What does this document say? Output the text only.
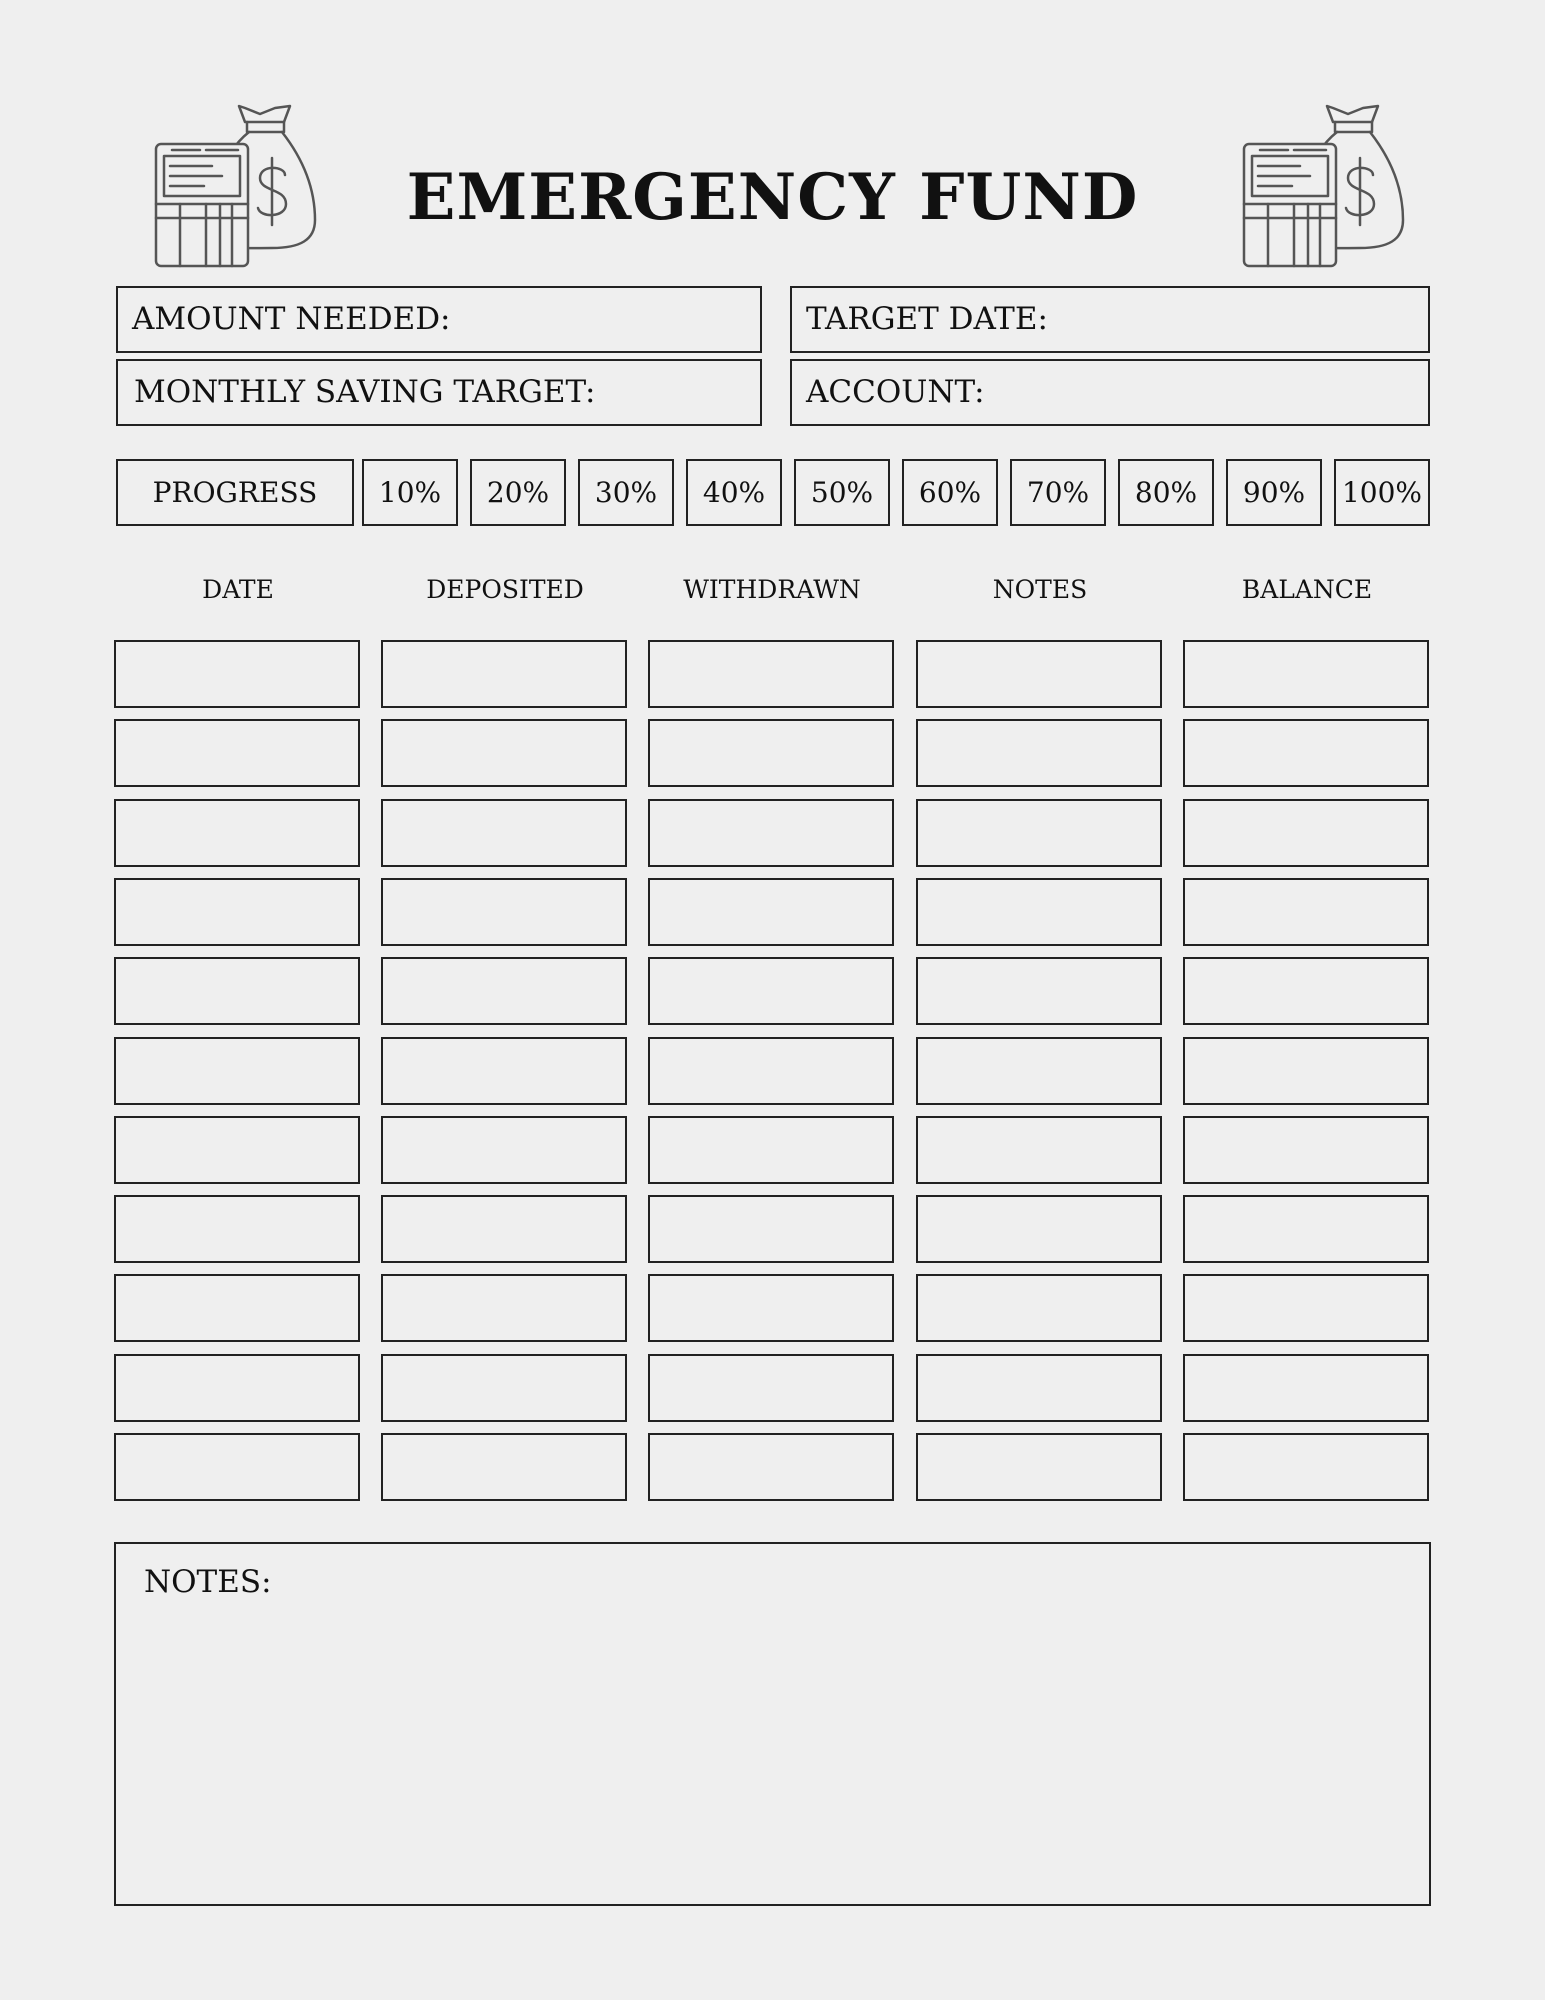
EMERGENCY FUND
AMOUNT NEEDED:	TARGET DATE:
MONTHLY SAVING TARGET:	ACCOUNT:
PROGRESS	10%	20%	30%	40%	50%	60%	70%	80%	90%	100%
DATE	DEPOSITED	WITHDRAWN	NOTES	BALANCE
NOTES:
